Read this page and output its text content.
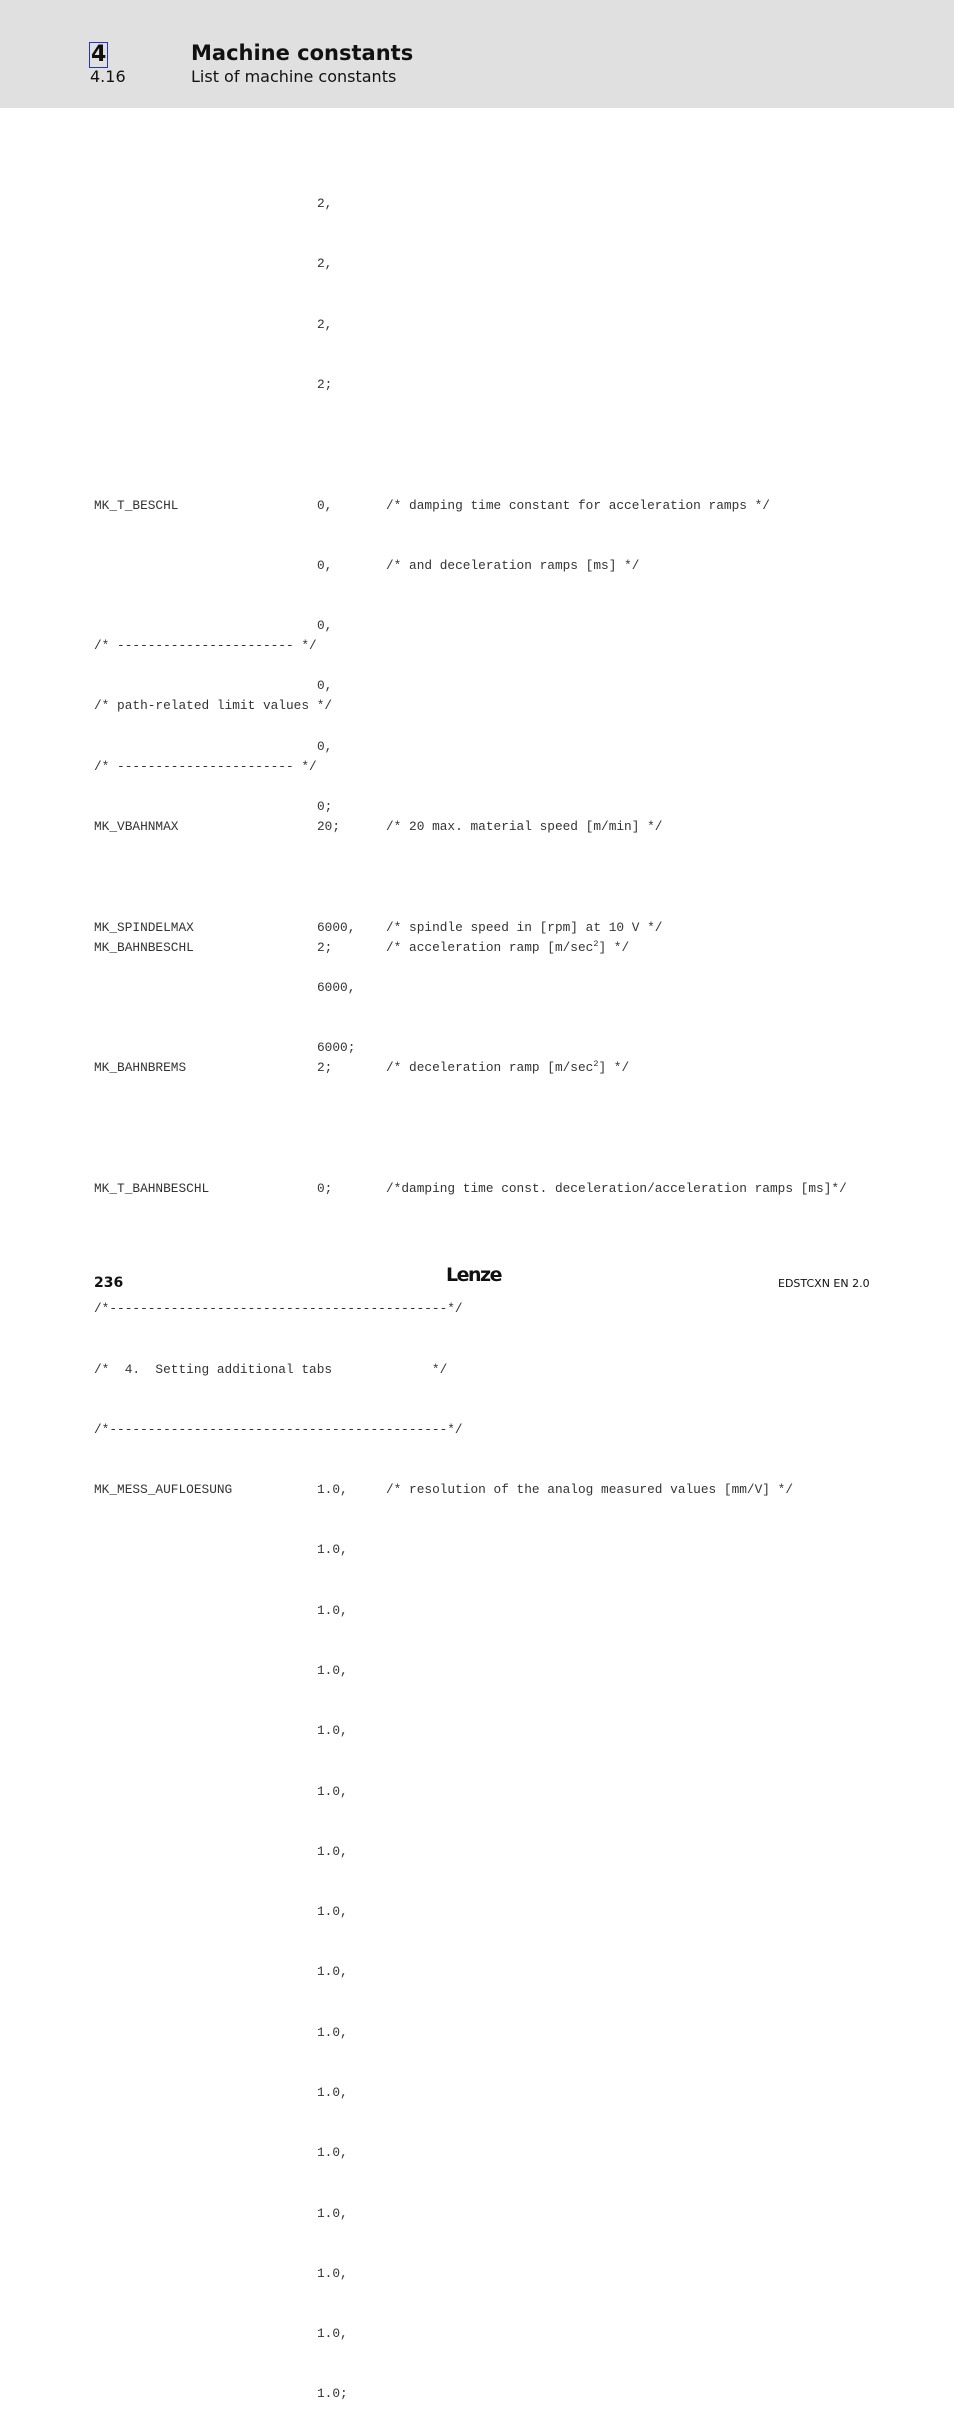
4
4.16
Machine constants
List of machine constants

2,

2,

2,

2;

MK_T_BESCHL	0,	/* damping time constant for acceleration ramps */

0,	/* and deceleration ramps [ms] */

0,

0,

0,

0;

MK_SPINDELMAX	6000, /* spindle speed in [rpm] at 10 V */

6000,

6000;

/* ----------------------- */

/* path-related limit values */

/* ----------------------- */

MK_VBAHNMAX	20;	/* 20 max. material speed [m/min] */

MK_BAHNBESCHL	2;	/* acceleration ramp $[m/\sec^2]$ */

MK_BAHNBREMS	2;	/* deceleration ramp $[m/\sec^2]$ */

MK_T_BAHNBESCHL	0;	/*damping time const. deceleration/acceleration ramps [ms]*/

/*--------------------------------------------*/

/*  4.  Setting additional tabs             */

/*--------------------------------------------*/

MK_MESS_AUFLOESUNG	1.0,	/* resolution of the analog measured values [mm/V] */

1.0,

1.0,

1.0,

1.0,

1.0,

1.0,

1.0,

1.0,

1.0,

1.0,

1.0,

1.0,

1.0,

1.0,

1.0;

236	Lenze	EDSTCXN EN 2.0
